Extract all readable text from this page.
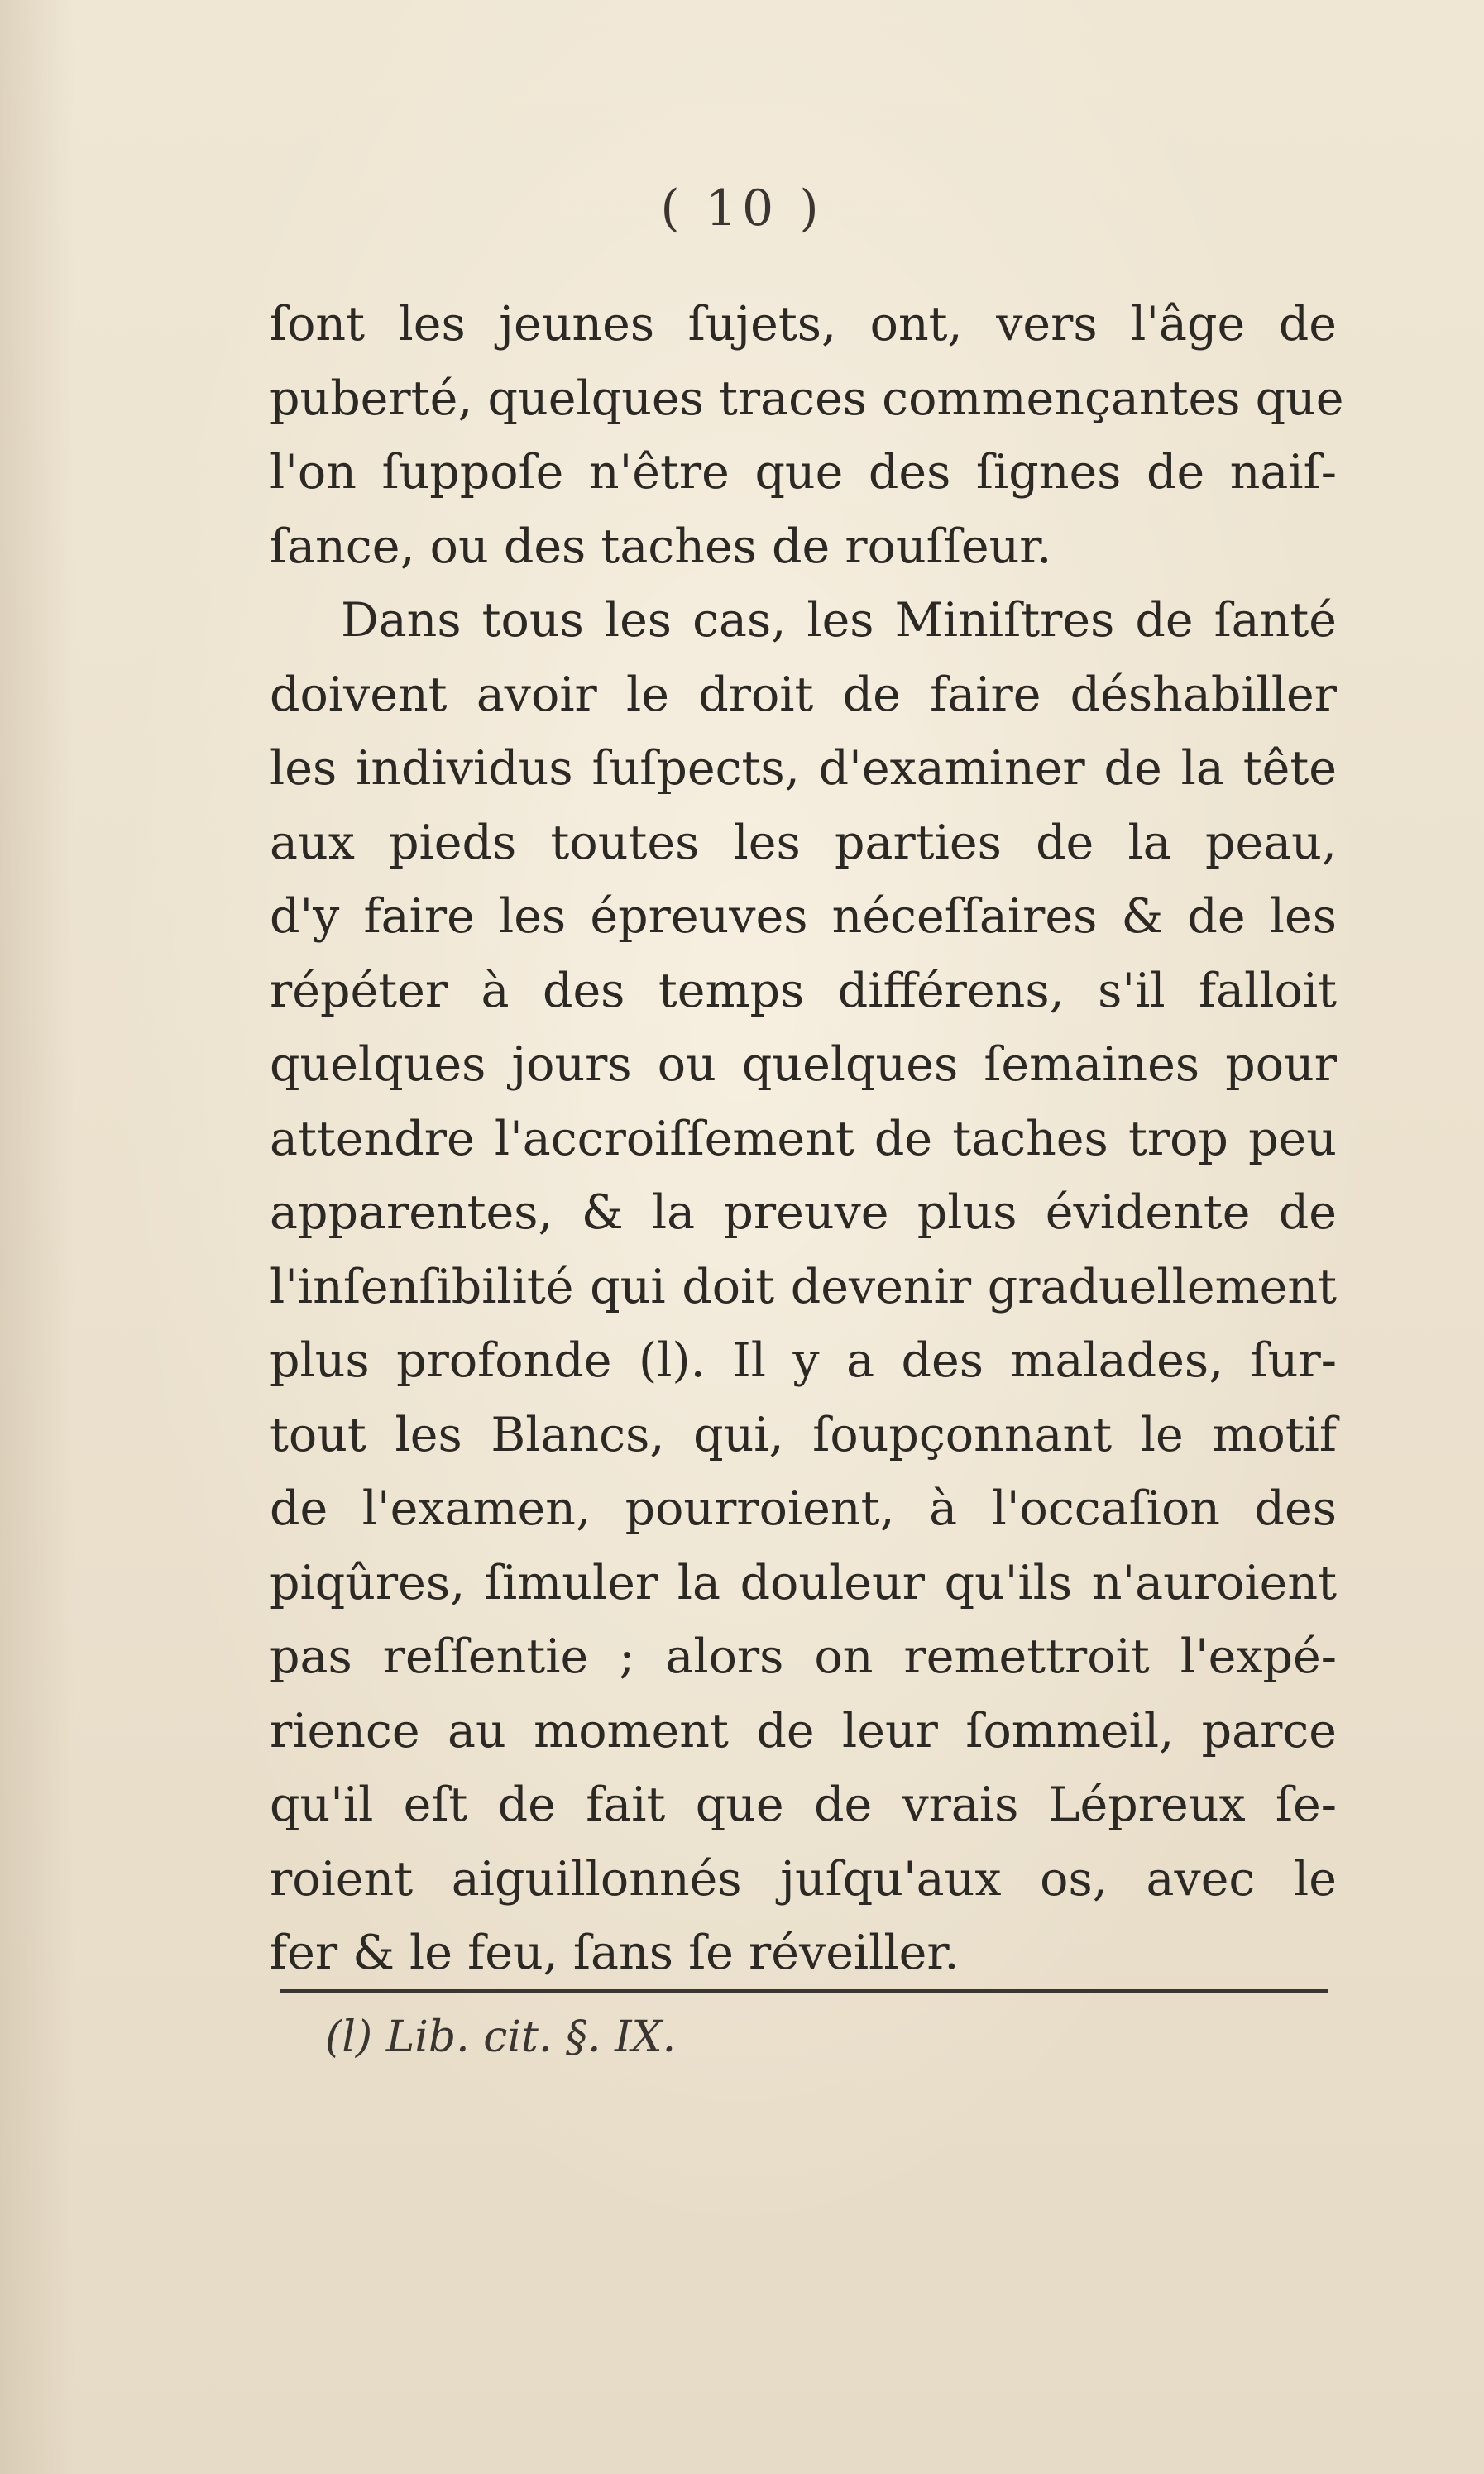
( 10 )
ſont les jeunes ſujets, ont, vers l'âge de
puberté, quelques traces commençantes que
l'on ſuppoſe n'être que des ſignes de naiſ-
ſance, ou des taches de rouſſeur.
Dans tous les cas, les Miniſtres de ſanté
doivent avoir le droit de faire déshabiller
les individus ſuſpects, d'examiner de la tête
aux pieds toutes les parties de la peau,
d'y faire les épreuves néceſſaires & de les
répéter à des temps différens, s'il falloit
quelques jours ou quelques ſemaines pour
attendre l'accroiſſement de taches trop peu
apparentes, & la preuve plus évidente de
l'inſenſibilité qui doit devenir graduellement
plus profonde (l). Il y a des malades, ſur-
tout les Blancs, qui, ſoupçonnant le motif
de l'examen, pourroient, à l'occaſion des
piqûres, ſimuler la douleur qu'ils n'auroient
pas reſſentie ; alors on remettroit l'expé-
rience au moment de leur ſommeil, parce
qu'il eſt de fait que de vrais Lépreux ſe-
roient aiguillonnés juſqu'aux os, avec le
fer & le feu, ſans ſe réveiller.
(l) Lib. cit. §. IX.
